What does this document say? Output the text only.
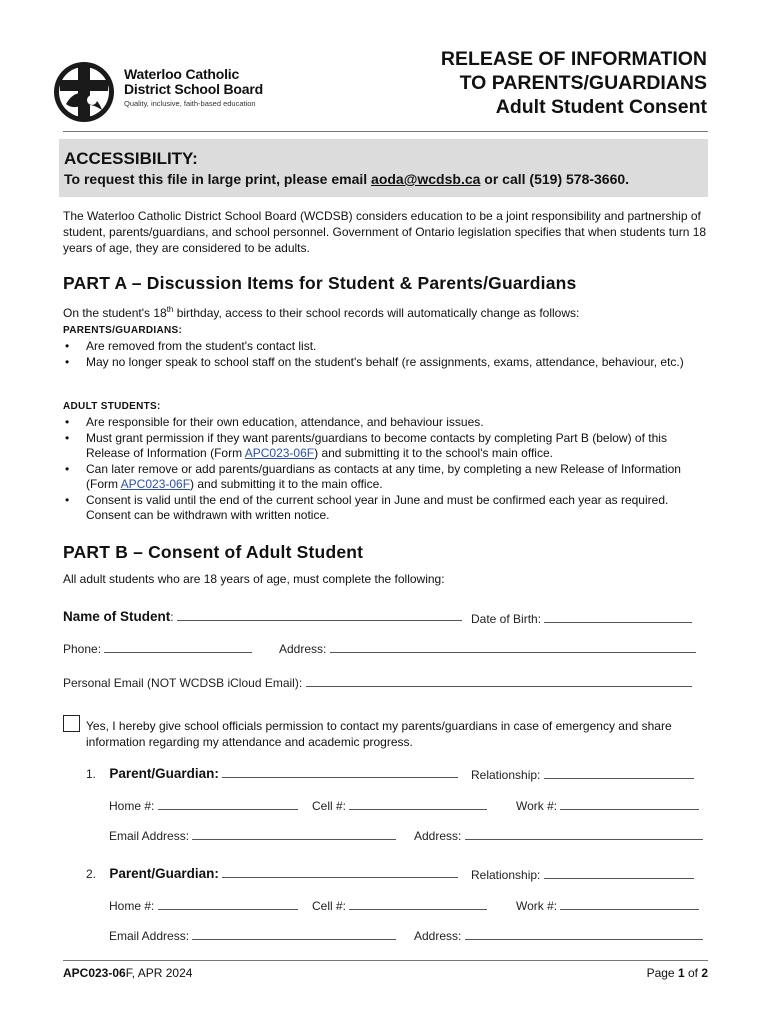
Waterloo Catholic
District School Board
Quality, inclusive, faith-based education
RELEASE OF INFORMATION
TO PARENTS/GUARDIANS
Adult Student Consent
ACCESSIBILITY:
To request this file in large print, please email aoda@wcdsb.ca or call (519) 578-3660.
The Waterloo Catholic District School Board (WCDSB) considers education to be a joint responsibility and partnership of student, parents/guardians, and school personnel. Government of Ontario legislation specifies that when students turn 18 years of age, they are considered to be adults.
PART A – Discussion Items for Student & Parents/Guardians
On the student's 18th birthday, access to their school records will automatically change as follows:
PARENTS/GUARDIANS:
• Are removed from the student's contact list.
• May no longer speak to school staff on the student's behalf (re assignments, exams, attendance, behaviour, etc.)
ADULT STUDENTS:
• Are responsible for their own education, attendance, and behaviour issues.
• Must grant permission if they want parents/guardians to become contacts by completing Part B (below) of this Release of Information (Form APC023-06F) and submitting it to the school's main office.
• Can later remove or add parents/guardians as contacts at any time, by completing a new Release of Information (Form APC023-06F) and submitting it to the main office.
• Consent is valid until the end of the current school year in June and must be confirmed each year as required. Consent can be withdrawn with written notice.
PART B – Consent of Adult Student
All adult students who are 18 years of age, must complete the following:
Name of Student:	Date of Birth:
Phone:	Address:
Personal Email (NOT WCDSB iCloud Email):
Yes, I hereby give school officials permission to contact my parents/guardians in case of emergency and share information regarding my attendance and academic progress.
1. Parent/Guardian:	Relationship:
Home #:	Cell #:	Work #:
Email Address:	Address:
2. Parent/Guardian:	Relationship:
Home #:	Cell #:	Work #:
Email Address:	Address:
APC023-06F, APR 2024	Page 1 of 2
